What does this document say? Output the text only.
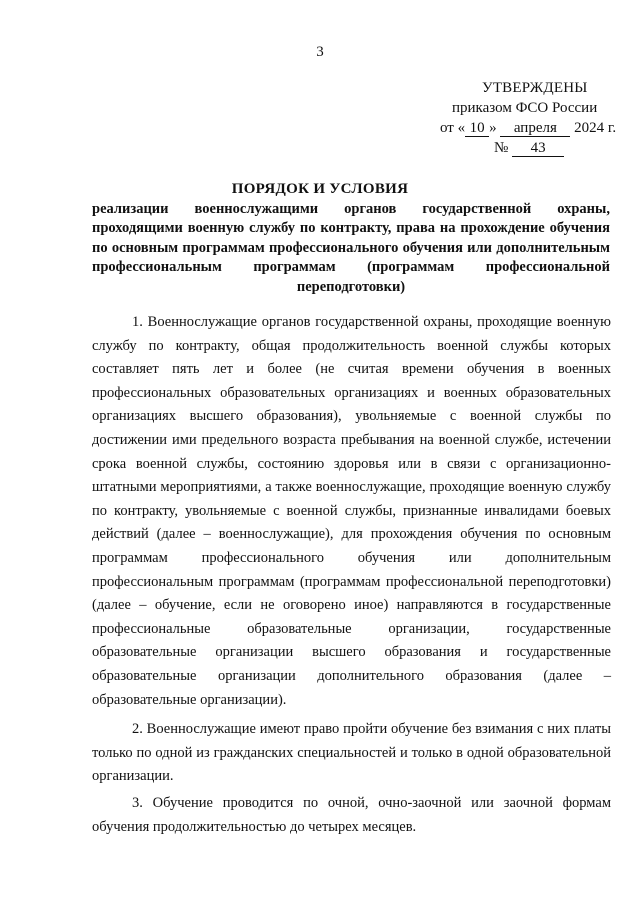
3
УТВЕРЖДЕНЫ
приказом ФСО России
от « 10 » апреля 2024 г.
№ 43
ПОРЯДОК И УСЛОВИЯ
реализации военнослужащими органов государственной охраны, проходящими военную службу по контракту, права на прохождение обучения по основным программам профессионального обучения или дополнительным профессиональным программам (программам профессиональной переподготовки)

1. Военнослужащие органов государственной охраны, проходящие военную службу по контракту, общая продолжительность военной службы которых составляет пять лет и более (не считая времени обучения в военных профессиональных образовательных организациях и военных образовательных организациях высшего образования), увольняемые с военной службы по достижении ими предельного возраста пребывания на военной службе, истечении срока военной службы, состоянию здоровья или в связи с организационно-штатными мероприятиями, а также военнослужащие, проходящие военную службу по контракту, увольняемые с военной службы, признанные инвалидами боевых действий (далее – военнослужащие), для прохождения обучения по основным программам профессионального обучения или дополнительным профессиональным программам (программам профессиональной переподготовки) (далее – обучение, если не оговорено иное) направляются в государственные профессиональные образовательные организации, государственные образовательные организации высшего образования и государственные образовательные организации дополнительного образования (далее – образовательные организации).

2. Военнослужащие имеют право пройти обучение без взимания с них платы только по одной из гражданских специальностей и только в одной образовательной организации.

3. Обучение проводится по очной, очно-заочной или заочной формам обучения продолжительностью до четырех месяцев.
